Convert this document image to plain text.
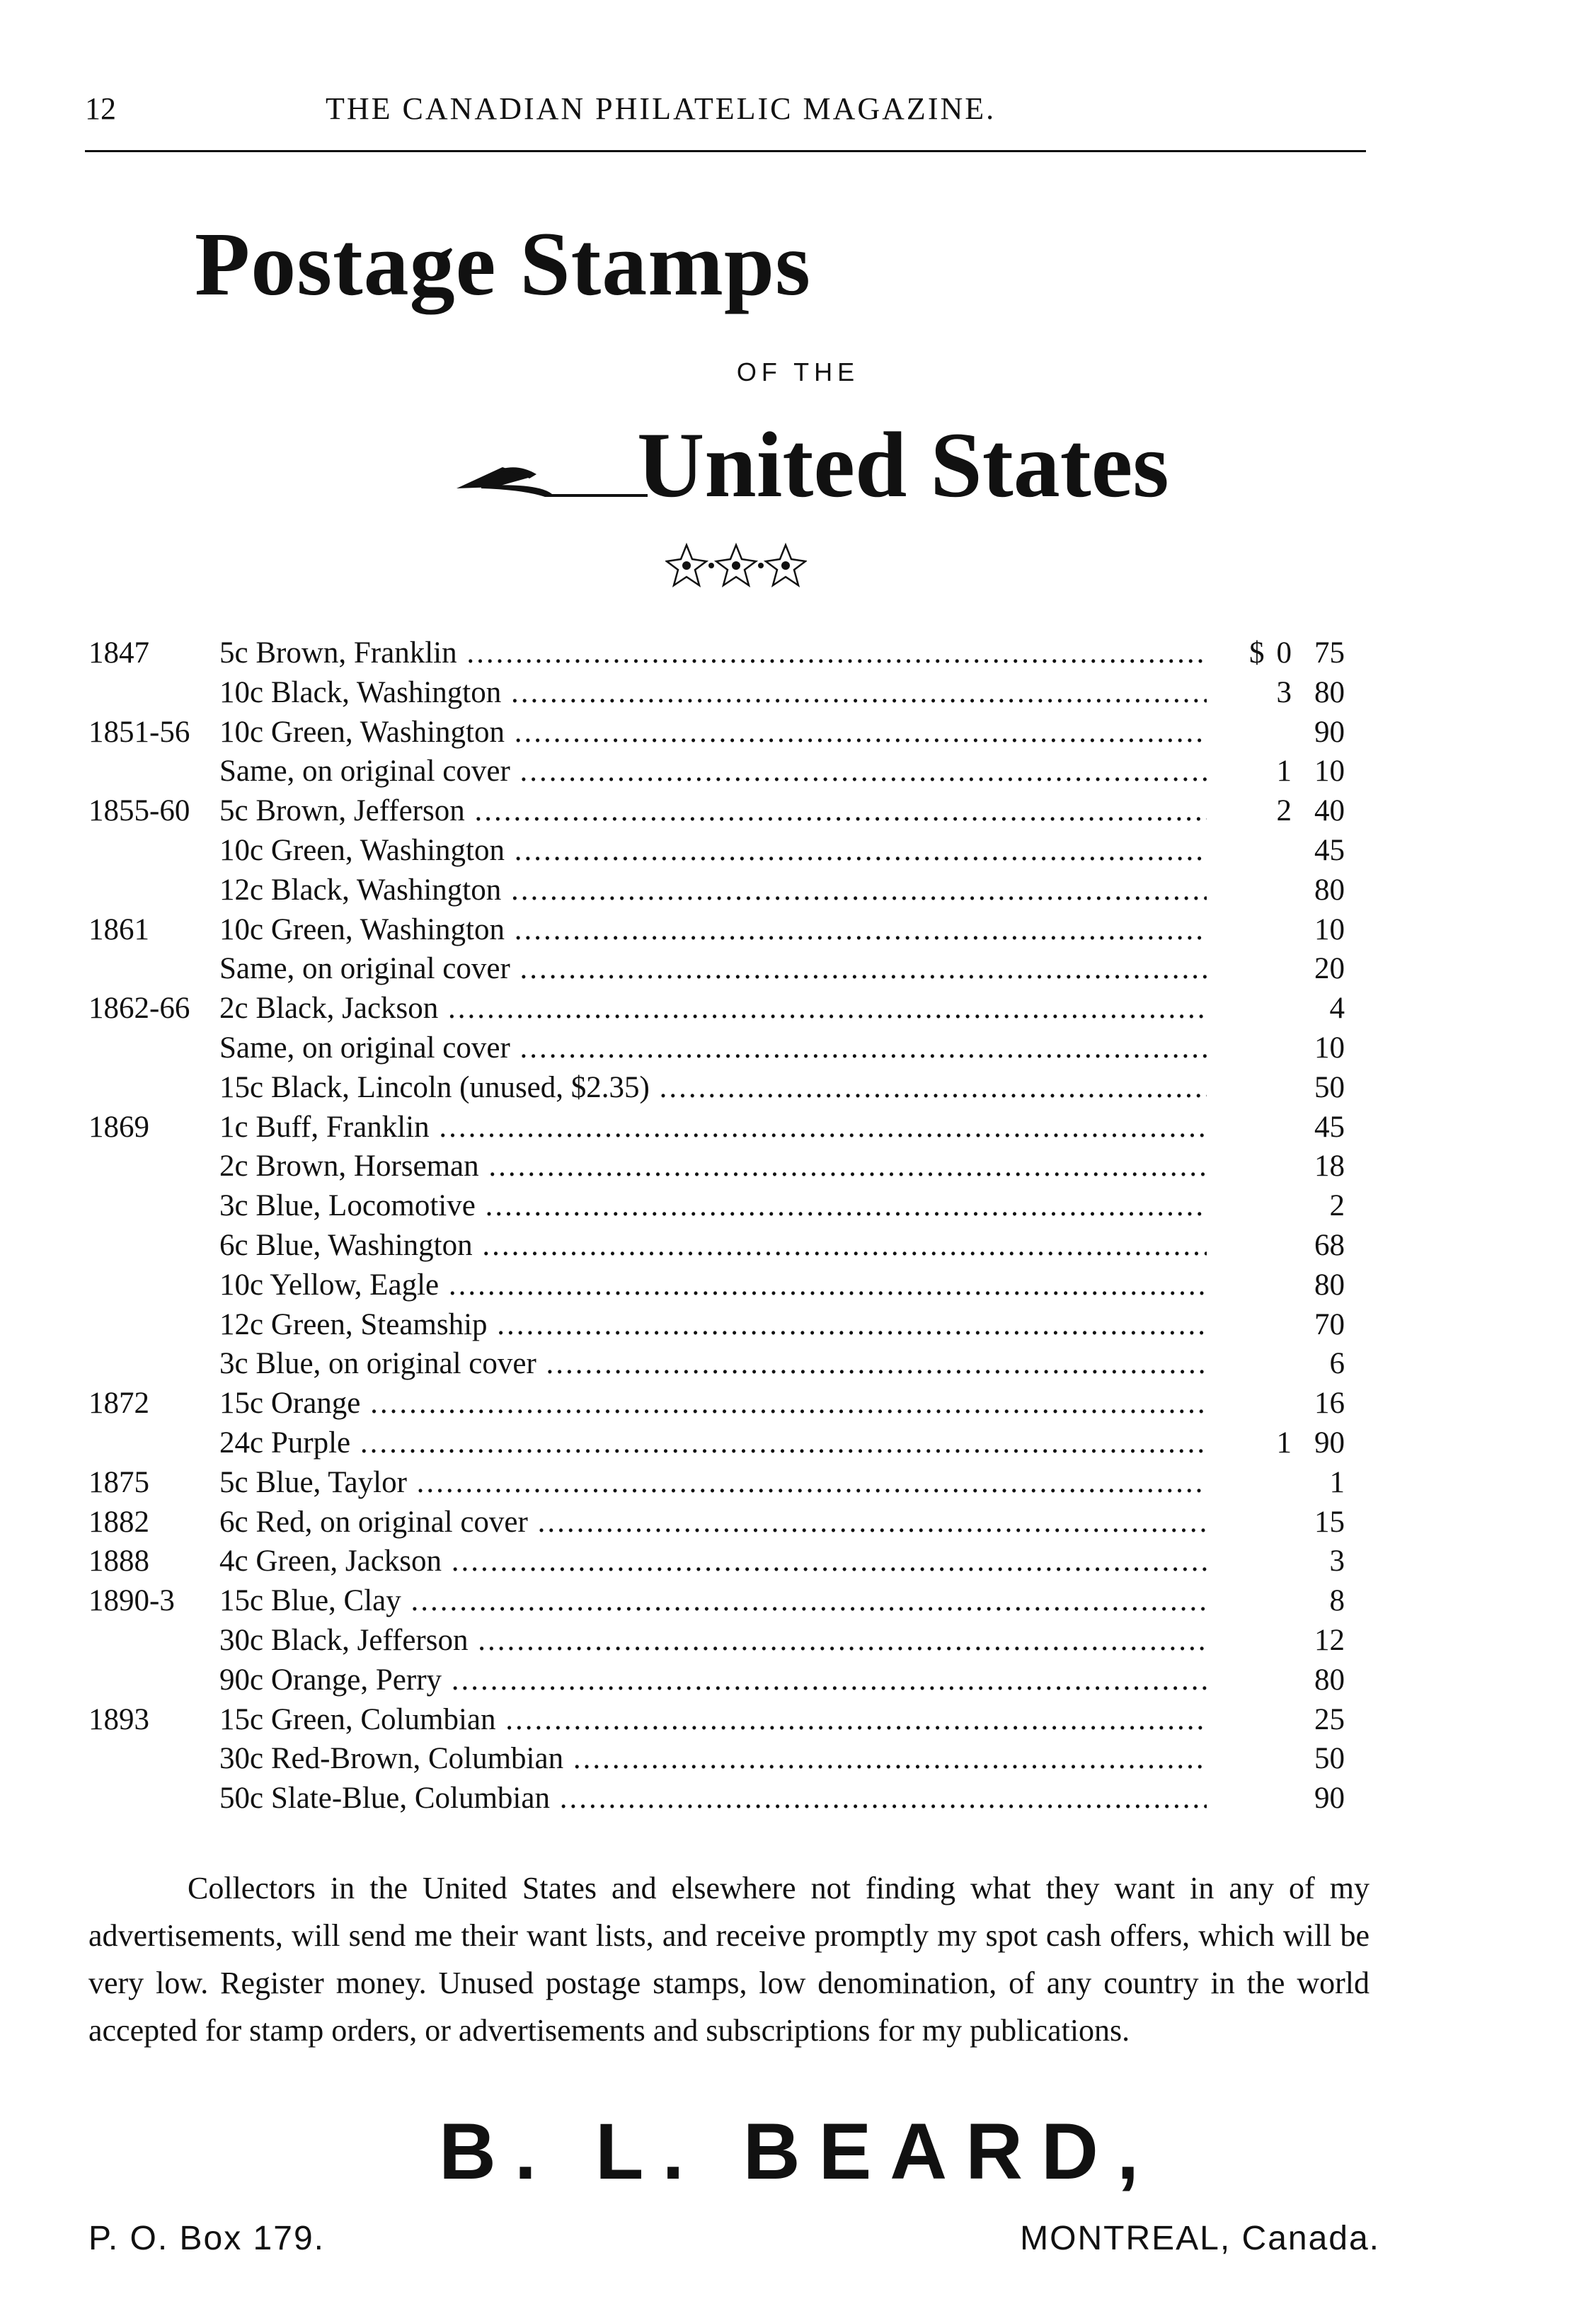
12	THE CANADIAN PHILATELIC MAGAZINE.
Postage Stamps
OF THE
United States
1847	5c Brown, Franklin .....	$ 0 75
10c Black, Washington .....	3 80
1851-56 10c Green, Washington .....	90
Same, on original cover .....	1 10
1855-60 5c Brown, Jefferson .....	2 40
10c Green, Washington .....	45
12c Black, Washington .....	80
1861	10c Green, Washington .....	10
Same, on original cover .....	20
1862-66 2c Black, Jackson .....	4
Same, on original cover .....	10
15c Black, Lincoln (unused, $2.35) .....	50
1869	1c Buff, Franklin .....	45
2c Brown, Horseman .....	18
3c Blue, Locomotive .....	2
6c Blue, Washington .....	68
10c Yellow, Eagle .....	80
12c Green, Steamship .....	70
3c Blue, on original cover .....	6
1872	15c Orange .....	16
24c Purple .....	1 90
1875	5c Blue, Taylor .....	1
1882	6c Red, on original cover .....	15
1888	4c Green, Jackson .....	3
1890-3	15c Blue, Clay .....	8
30c Black, Jefferson .....	12
90c Orange, Perry .....	80
1893	15c Green, Columbian .....	25
30c Red-Brown, Columbian .....	50
50c Slate-Blue, Columbian .....	90

Collectors in the United States and elsewhere not finding what they want in any of my advertisements, will send me their want lists, and receive promptly my spot cash offers, which will be very low. Register money. Unused postage stamps, low denomination, of any country in the world accepted for stamp orders, or advertisements and subscriptions for my publications.

B. L. BEARD,
P. O. Box 179.	MONTREAL, Canada.
